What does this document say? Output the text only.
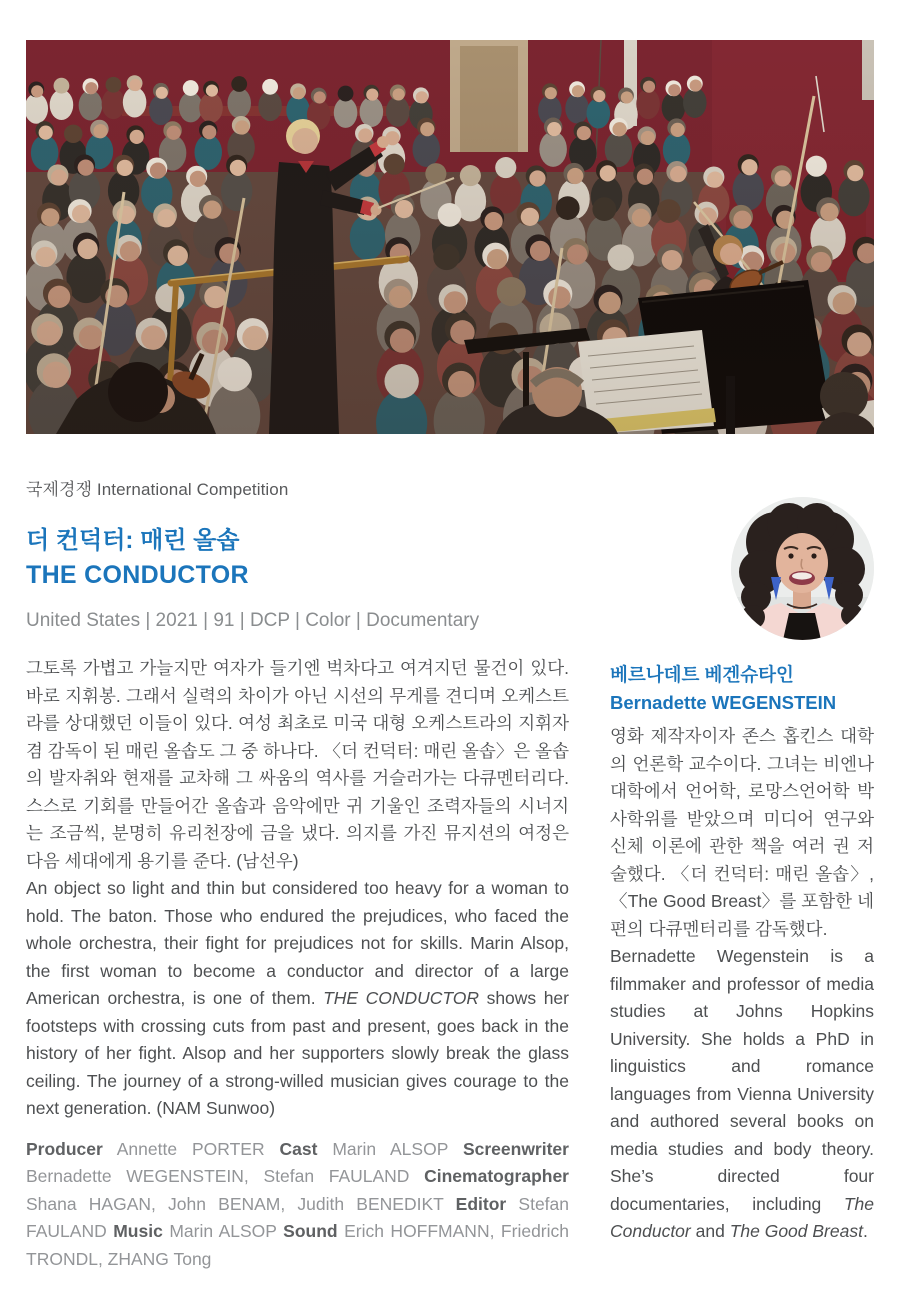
국제경쟁 International Competition
더 컨덕터: 매린 올솝
THE CONDUCTOR
United States | 2021 | 91 | DCP | Color | Documentary

그토록 가볍고 가늘지만 여자가 들기엔 벅차다고 여겨지던 물건이 있다. 바로 지휘봉. 그래서 실력의 차이가 아닌 시선의 무게를 견디며 오케스트라를 상대했던 이들이 있다. 여성 최초로 미국 대형 오케스트라의 지휘자 겸 감독이 된 매린 올솝도 그 중 하나다. 〈더 컨덕터: 매린 올솝〉은 올솝의 발자취와 현재를 교차해 그 싸움의 역사를 거슬러가는 다큐멘터리다. 스스로 기회를 만들어간 올솝과 음악에만 귀 기울인 조력자들의 시너지는 조금씩, 분명히 유리천장에 금을 냈다. 의지를 가진 뮤지션의 여정은 다음 세대에게 용기를 준다. (남선우)

An object so light and thin but considered too heavy for a woman to hold. The baton. Those who endured the prejudices, who faced the whole orchestra, their fight for prejudices not for skills. Marin Alsop, the first woman to become a conductor and director of a large American orchestra, is one of them. THE CONDUCTOR shows her footsteps with crossing cuts from past and present, goes back in the history of her fight. Alsop and her supporters slowly break the glass ceiling. The journey of a strong-willed musician gives courage to the next generation. (NAM Sunwoo)

Producer Annette PORTER Cast Marin ALSOP Screenwriter Bernadette WEGENSTEIN, Stefan FAULAND Cinematographer Shana HAGAN, John BENAM, Judith BENEDIKT Editor Stefan FAULAND Music Marin ALSOP Sound Erich HOFFMANN, Friedrich TRONDL, ZHANG Tong

베르나데트 베겐슈타인
Bernadette WEGENSTEIN

영화 제작자이자 존스 홉킨스 대학의 언론학 교수이다. 그녀는 비엔나 대학에서 언어학, 로망스언어학 박사학위를 받았으며 미디어 연구와 신체 이론에 관한 책을 여러 권 저술했다. 〈더 컨덕터: 매린 올솝〉, 〈The Good Breast〉를 포함한 네 편의 다큐멘터리를 감독했다.

Bernadette Wegenstein is a filmmaker and professor of media studies at Johns Hopkins University. She holds a PhD in linguistics and romance languages from Vienna University and authored several books on media studies and body theory. She’s directed four documentaries, including The Conductor and The Good Breast.
